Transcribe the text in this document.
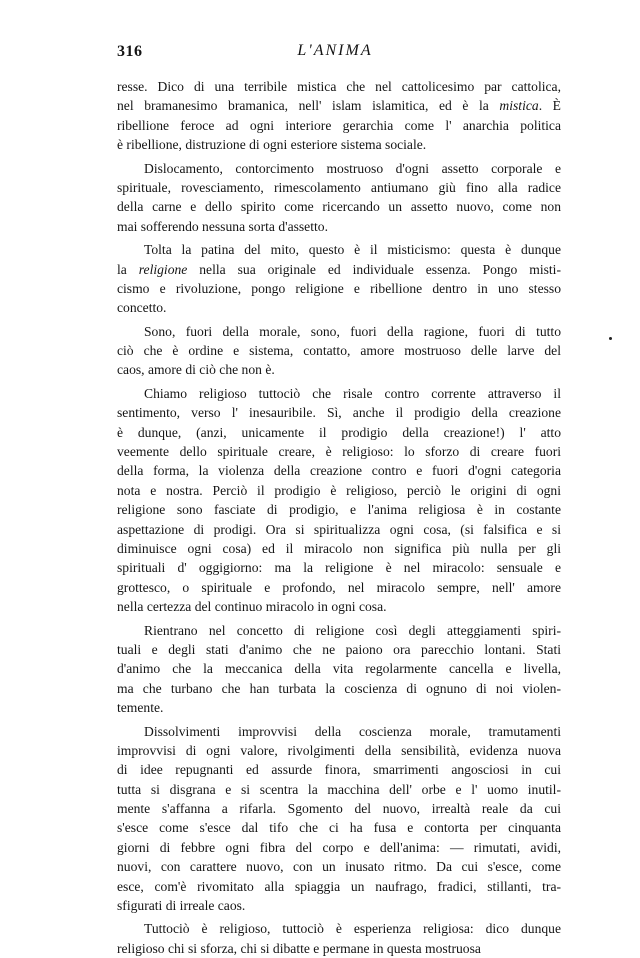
316	L'ANIMA
resse. Dico di una terribile mistica che nel cattolicesimo par cattolica,
nel bramanesimo bramanica, nell' islam islamitica, ed è la mistica. È
ribellione feroce ad ogni interiore gerarchia come l' anarchia politica
è ribellione, distruzione di ogni esteriore sistema sociale.
Dislocamento, contorcimento mostruoso d'ogni assetto corporale e
spirituale, rovesciamento, rimescolamento antiumano giù fino alla radice
della carne e dello spirito come ricercando un assetto nuovo, come non
mai sofferendo nessuna sorta d'assetto.
Tolta la patina del mito, questo è il misticismo: questa è dunque
la religione nella sua originale ed individuale essenza. Pongo misti-
cismo e rivoluzione, pongo religione e ribellione dentro in uno stesso
concetto.
Sono, fuori della morale, sono, fuori della ragione, fuori di tutto
ciò che è ordine e sistema, contatto, amore mostruoso delle larve del
caos, amore di ciò che non è.
Chiamo religioso tuttociò che risale contro corrente attraverso il
sentimento, verso l' inesauribile. Sì, anche il prodigio della creazione
è dunque, (anzi, unicamente il prodigio della creazione!) l' atto
veemente dello spirituale creare, è religioso: lo sforzo di creare fuori
della forma, la violenza della creazione contro e fuori d'ogni categoria
nota e nostra. Perciò il prodigio è religioso, perciò le origini di ogni
religione sono fasciate di prodigio, e l'anima religiosa è in costante
aspettazione di prodigi. Ora si spiritualizza ogni cosa, (si falsifica e si
diminuisce ogni cosa) ed il miracolo non significa più nulla per gli
spirituali d' oggigiorno: ma la religione è nel miracolo: sensuale e
grottesco, o spirituale e profondo, nel miracolo sempre, nell' amore
nella certezza del continuo miracolo in ogni cosa.
Rientrano nel concetto di religione così degli atteggiamenti spiri-
tuali e degli stati d'animo che ne paiono ora parecchio lontani. Stati
d'animo che la meccanica della vita regolarmente cancella e livella,
ma che turbano che han turbata la coscienza di ognuno di noi violen-
temente.
Dissolvimenti improvvisi della coscienza morale, tramutamenti
improvvisi di ogni valore, rivolgimenti della sensibilità, evidenza nuova
di idee repugnanti ed assurde finora, smarrimenti angosciosi in cui
tutta si disgrana e si scentra la macchina dell' orbe e l' uomo inutil-
mente s'affanna a rifarla. Sgomento del nuovo, irrealtà reale da cui
s'esce come s'esce dal tifo che ci ha fusa e contorta per cinquanta
giorni di febbre ogni fibra del corpo e dell'anima: — rimutati, avidi,
nuovi, con carattere nuovo, con un inusato ritmo. Da cui s'esce, come
esce, com'è rivomitato alla spiaggia un naufrago, fradici, stillanti, tra-
sfigurati di irreale caos.
Tuttociò è religioso, tuttociò è esperienza religiosa: dico dunque
religioso chi si sforza, chi si dibatte e permane in questa mostruosa
